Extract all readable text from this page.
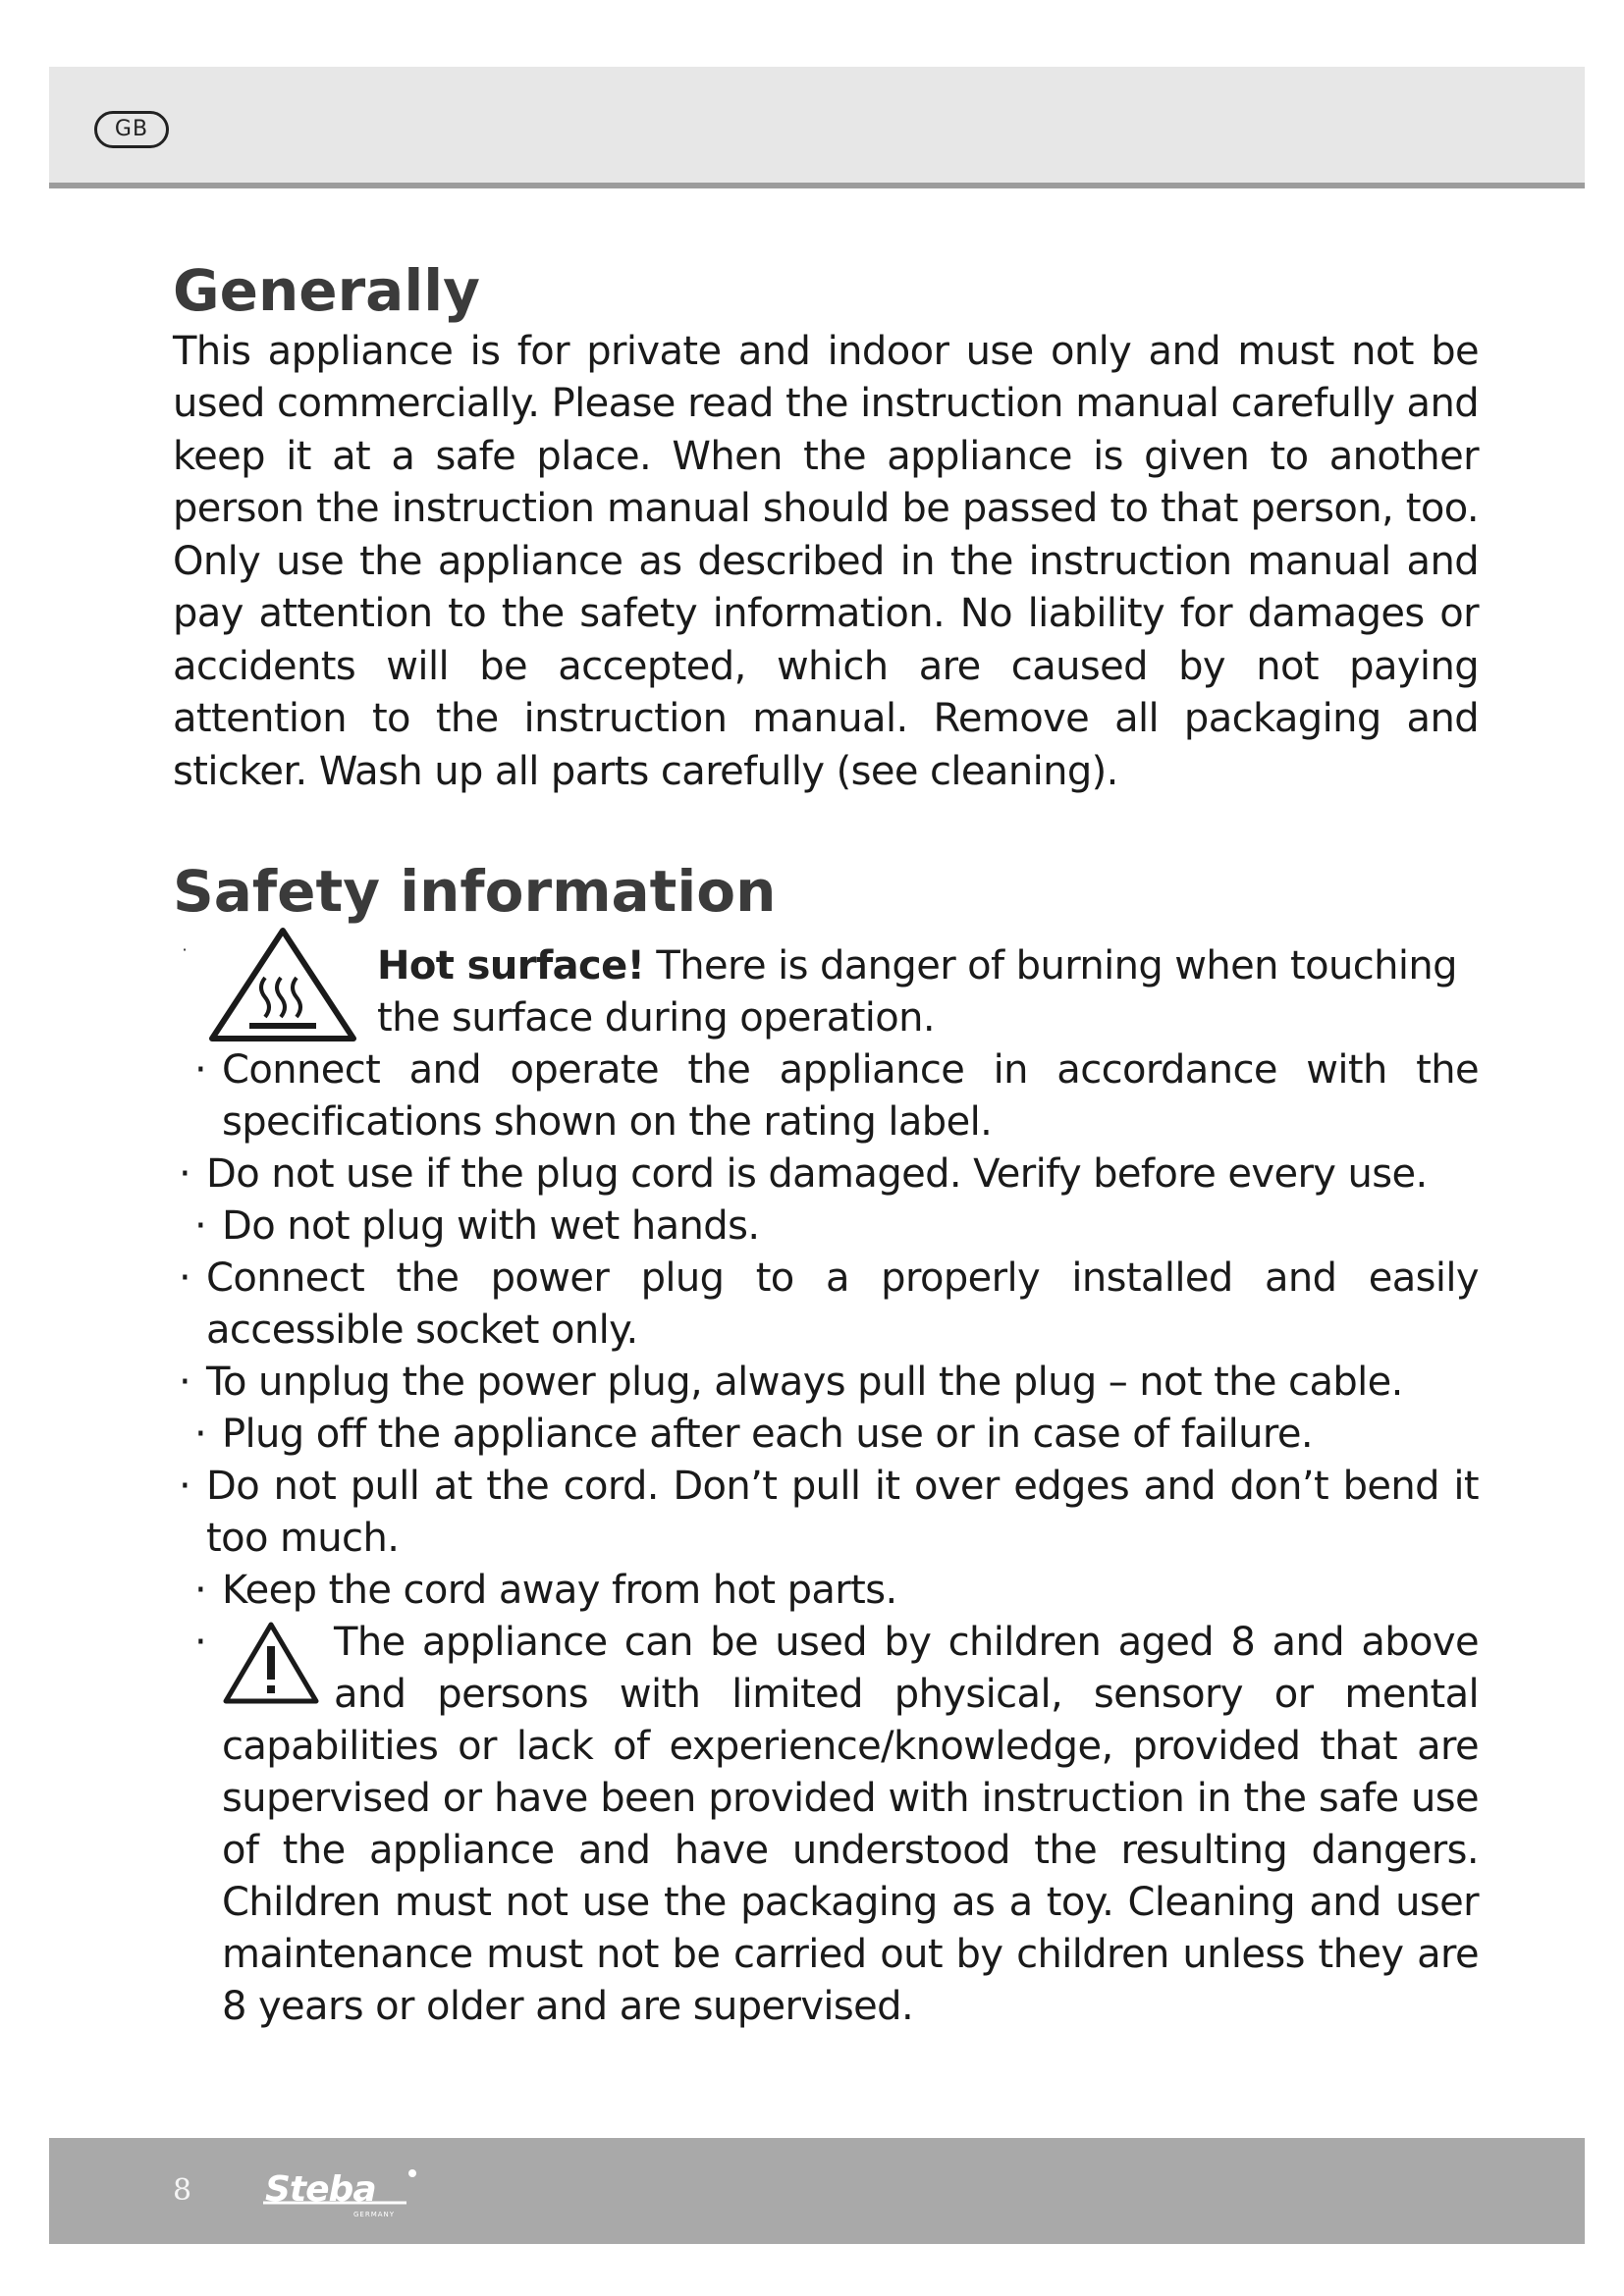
GB
Generally

This appliance is for private and indoor use only and must not be used commercially. Please read the instruction manual carefully and keep it at a safe place. When the appliance is given to another person the instruction manual should be passed to that person, too. Only use the appliance as described in the instruction manual and pay attention to the safety information. No liability for damages or accidents will be accepted, which are caused by not paying attention to the instruction manual. Remove all packaging and sticker. Wash up all parts carefully (see cleaning).

Safety information
·	Hot surface! There is danger of burning when touching the surface during operation.
· Connect and operate the appliance in accordance with the specifications shown on the rating label.
· Do not use if the plug cord is damaged. Verify before every use.
· Do not plug with wet hands.
· Connect the power plug to a properly installed and easily accessible socket only.
· To unplug the power plug, always pull the plug – not the cable.
· Plug off the appliance after each use or in case of failure.
· Do not pull at the cord. Don’t pull it over edges and don’t bend it too much.
· Keep the cord away from hot parts.
·	The appliance can be used by children aged 8 and above and persons with limited physical, sensory or mental capabilities or lack of experience/knowledge, provided that are supervised or have been provided with instruction in the safe use of the appliance and have understood the resulting dangers. Children must not use the packaging as a toy. Cleaning and user maintenance must not be carried out by children unless they are 8 years or older and are supervised.
8 Steba
GERMANY
